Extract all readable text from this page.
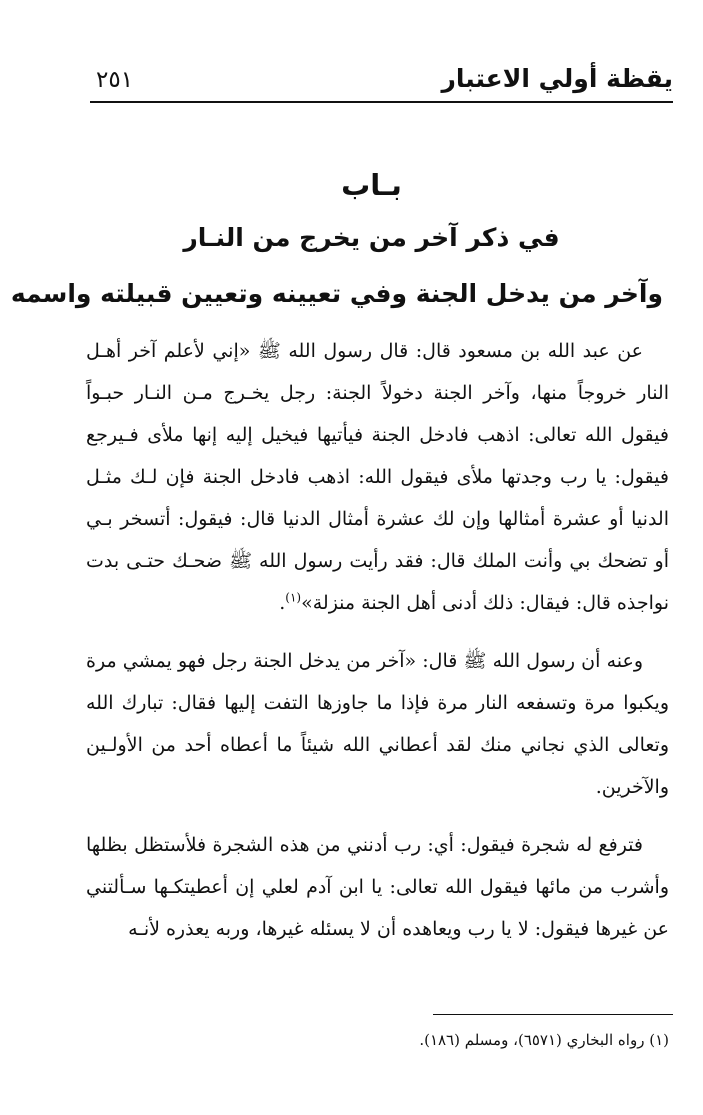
يقظة أولي الاعتبار
٢٥١
بـاب
في ذكر آخر من يخرج من النـار
وآخر من يدخل الجنة وفي تعيينه وتعيين قبيلته واسمه

عن عبد الله بن مسعود قال: قال رسول الله ﷺ «إني لأعلم آخر أهـل النار خروجاً منها، وآخر الجنة دخولاً الجنة: رجل يخـرج مـن النـار حبـواً فيقول الله تعالى: اذهب فادخل الجنة فيأتيها فيخيل إليه إنها ملأى فـيرجع فيقول: يا رب وجدتها ملأى فيقول الله: اذهب فادخل الجنة فإن لـك مثـل الدنيا أو عشرة أمثالها وإن لك عشرة أمثال الدنيا قال: فيقول: أتسخر بـي أو تضحك بي وأنت الملك قال: فقد رأيت رسول الله ﷺ ضحـك حتـى بدت نواجذه قال: فيقال: ذلك أدنى أهل الجنة منزلة»$^{(١)}$.

وعنه أن رسول الله ﷺ قال: «آخر من يدخل الجنة رجل فهو يمشي مرة ويكبوا مرة وتسفعه النار مرة فإذا ما جاوزها التفت إليها فقال: تبارك الله وتعالى الذي نجاني منك لقد أعطاني الله شيئاً ما أعطاه أحد من الأولـين والآخرين.

فترفع له شجرة فيقول: أي: رب أدنني من هذه الشجرة فلأستظل بظلها وأشرب من مائها فيقول الله تعالى: يا ابن آدم لعلي إن أعطيتكـها سـألتني عن غيرها فيقول: لا يا رب ويعاهده أن لا يسئله غيرها، وربه يعذره لأنـه

(١) رواه البخاري (٦٥٧١)، ومسلم (١٨٦).
